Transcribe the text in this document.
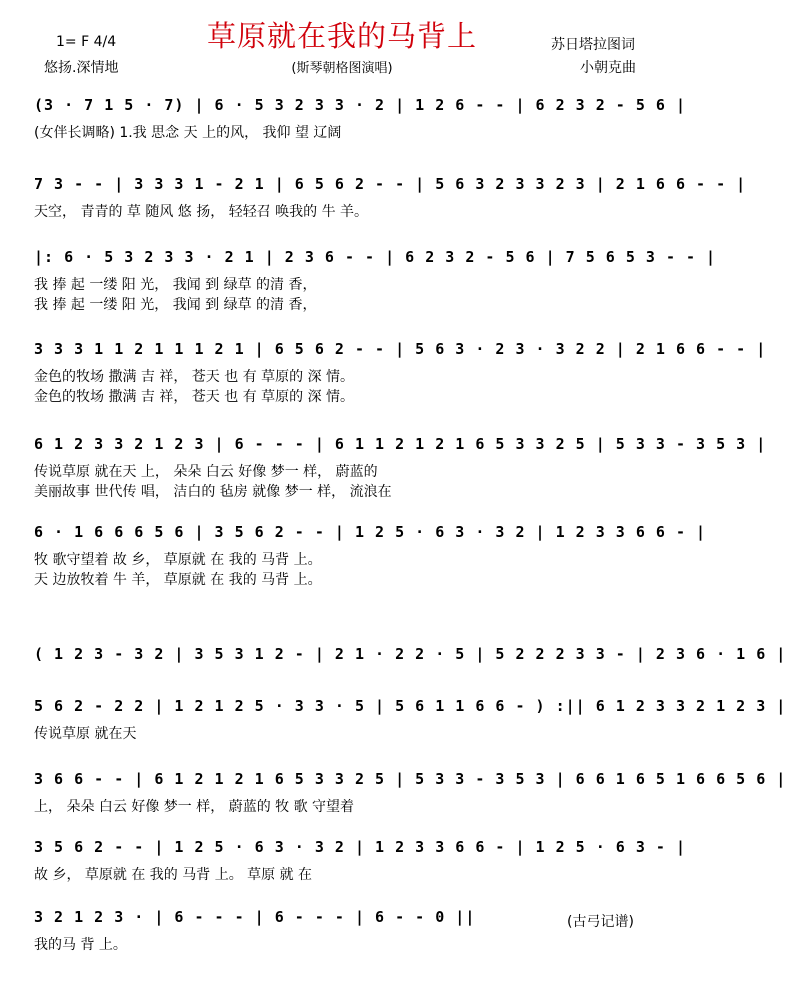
草原就在我的马背上
1= F 4/4
悠扬.深情地	(斯琴朝格图演唱)
苏日塔拉图词
小朝克曲
(3 · 7 1 5 · 7) | 6 · 5 3 2 3 3 · 2 | 1 2 6 - - | 6 2 3 2 - 5 6 |
(女伴长调略) 1.我 思念 天 上的风， 我仰 望 辽阔
7 3 - - | 3 3 3 1 - 2 1 | 6 5 6 2 - - | 5 6 3 2 3 3 2 3 | 2 1 6 6 - - |
天空， 青青的 草 随风 悠 扬， 轻轻召 唤我的 牛 羊。
|: 6 · 5 3 2 3 3 · 2 1 | 2 3 6 - - | 6 2 3 2 - 5 6 | 7 5 6 5 3 - - |
我 捧 起 一缕 阳 光， 我闻 到 绿草 的清 香，
我 捧 起 一缕 阳 光， 我闻 到 绿草 的清 香，
3 3 3 1 1 2 1 1 1 2 1 | 6 5 6 2 - - | 5 6 3 · 2 3 · 3 2 2 | 2 1 6 6 - - |
金色的牧场 撒满 吉 祥， 苍天 也 有 草原的 深 情。
金色的牧场 撒满 吉 祥， 苍天 也 有 草原的 深 情。
6 1 2 3 3 2 1 2 3 | 6 - - - | 6 1 1 2 1 2 1 6 5 3 3 2 5 | 5 3 3 - 3 5 3 |
传说草原 就在天 上， 朵朵 白云 好像 梦一 样， 蔚蓝的
美丽故事 世代传 唱， 洁白的 毡房 就像 梦一 样， 流浪在
6 · 1 6 6 6 5 6 | 3 5 6 2 - - | 1 2 5 · 6 3 · 3 2 | 1 2 3 3 6 6 - |
牧 歌守望着 故 乡， 草原就 在 我的 马背 上。
天 边放牧着 牛 羊， 草原就 在 我的 马背 上。
( 1 2 3 - 3 2 | 3 5 3 1 2 - | 2 1 · 2 2 · 5 | 5 2 2 2 3 3 - | 2 3 6 · 1 6 |
5 6 2 - 2 2 | 1 2 1 2 5 · 3 3 · 5 | 5 6 1 1 6 6 - ) :|| 6 1 2 3 3 2 1 2 3 |
传说草原 就在天
3 6 6 - - | 6 1 2 1 2 1 6 5 3 3 2 5 | 5 3 3 - 3 5 3 | 6 6 1 6 5 1 6 6 5 6 |
上， 朵朵 白云 好像 梦一 样， 蔚蓝的 牧 歌 守望着
3 5 6 2 - - | 1 2 5 · 6 3 · 3 2 | 1 2 3 3 6 6 - | 1 2 5 · 6 3 - |
故 乡， 草原就 在 我的 马背 上。 草原 就 在
3 2 1 2 3 · | 6 - - - | 6 - - - | 6 - - 0 ||
我的马 背 上。
(古弓记谱)
